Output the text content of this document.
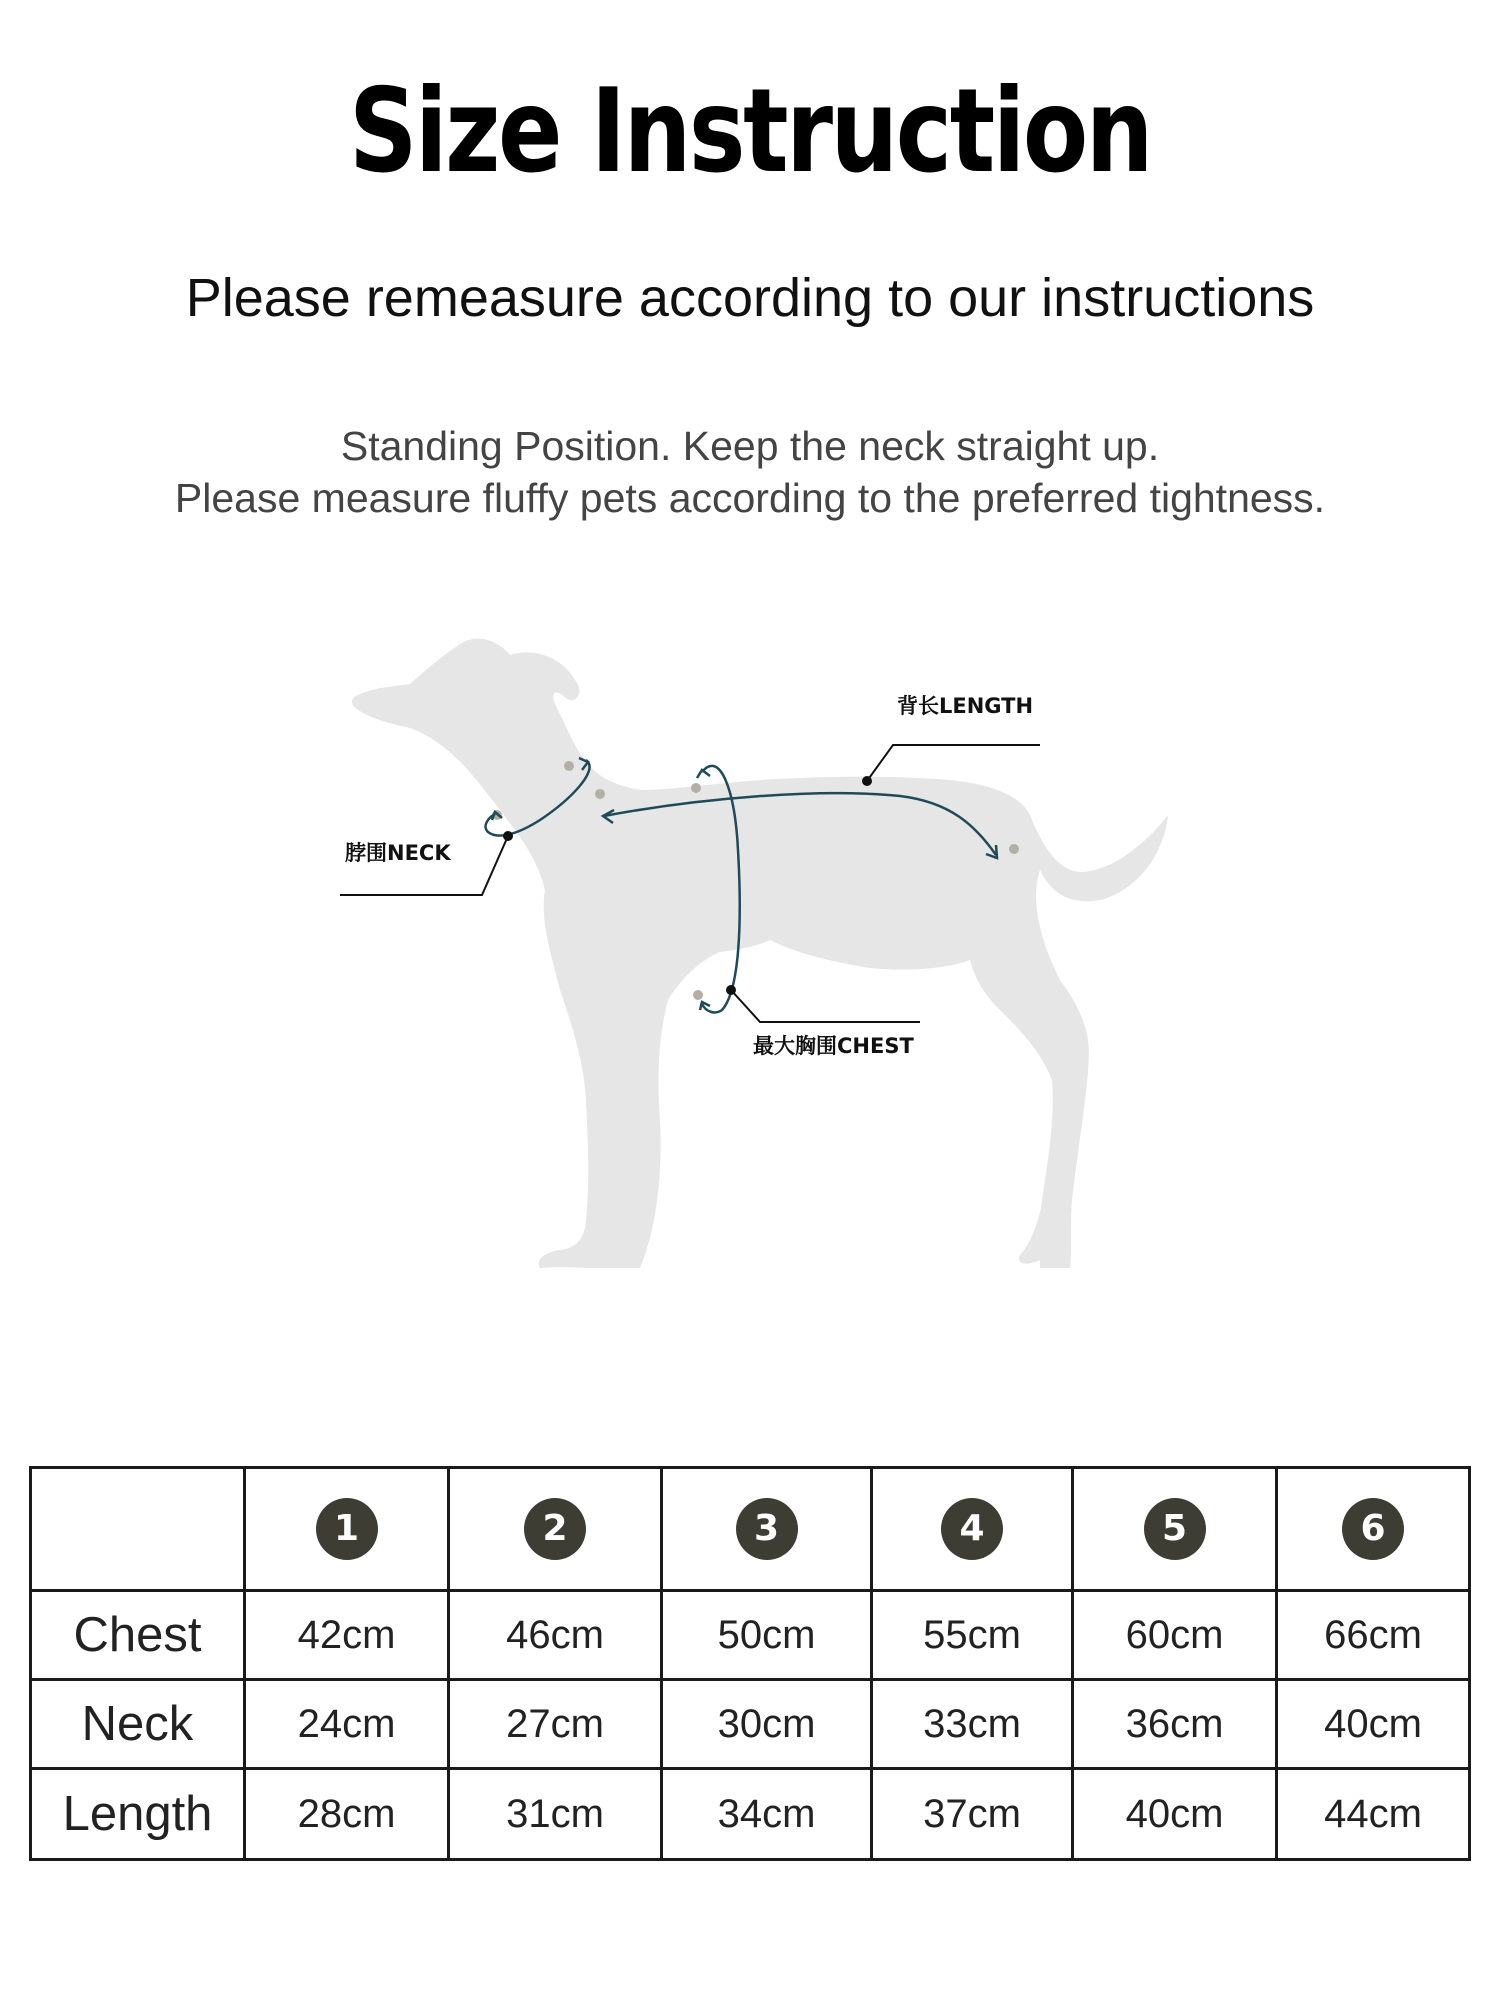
Size Instruction
Please remeasure according to our instructions
Standing Position. Keep the neck straight up.
Please measure fluffy pets according to the preferred tightness.
脖围NECK
背长LENGTH
最大胸围CHEST
	1	2	3	4	5	6
Chest	42cm	46cm	50cm	55cm	60cm	66cm
Neck	24cm	27cm	30cm	33cm	36cm	40cm
Length	28cm	31cm	34cm	37cm	40cm	44cm
